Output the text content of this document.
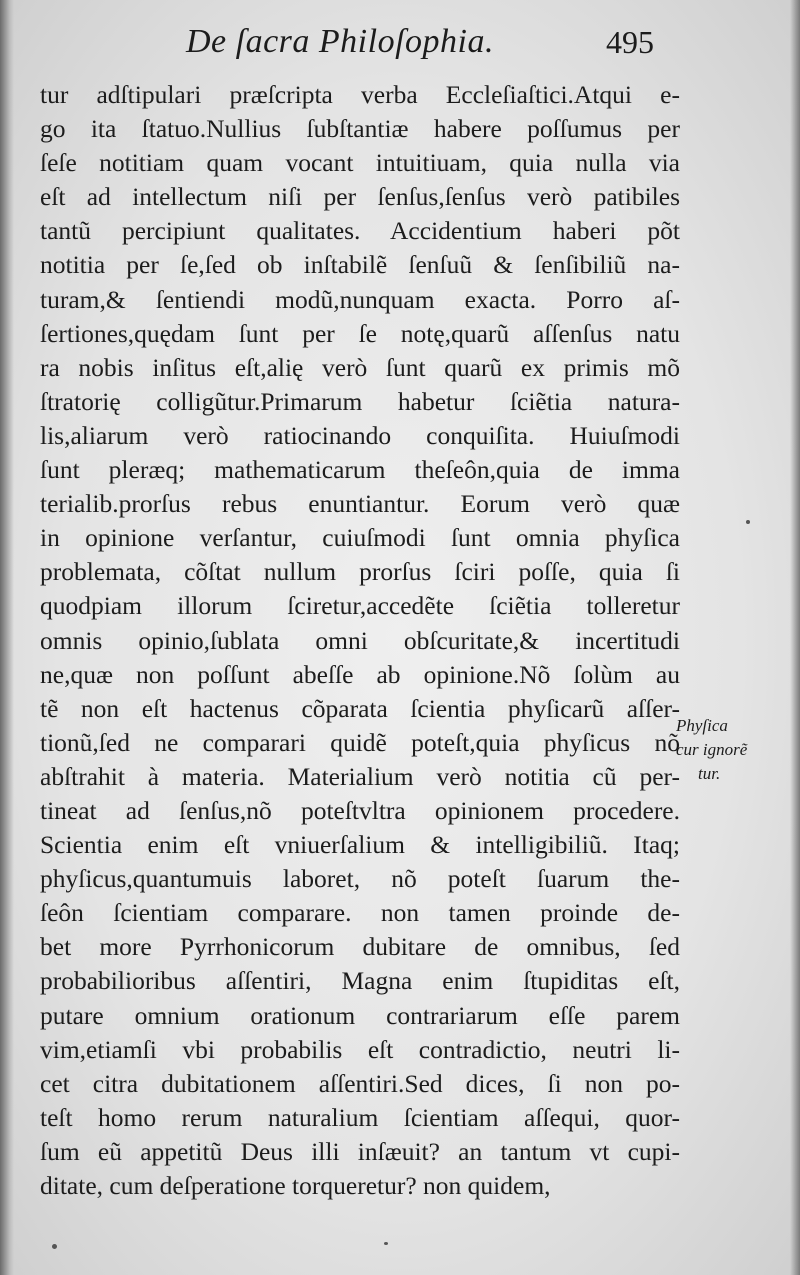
De ſacra Philoſophia.	495
tur adſtipulari præſcripta verba Eccleſiaſtici.Atqui e-
go ita ſtatuo.Nullius ſubſtantiæ habere poſſumus per
ſeſe notitiam quam vocant intuitiuam, quia nulla via
eſt ad intellectum niſi per ſenſus,ſenſus verò patibiles
tantũ percipiunt qualitates. Accidentium haberi põt
notitia per ſe,ſed ob inſtabilẽ ſenſuũ & ſenſibiliũ na-
turam,& ſentiendi modũ,nunquam exacta. Porro aſ-
ſertiones,quędam ſunt per ſe notę,quarũ aſſenſus natu
ra nobis inſitus eſt,alię verò ſunt quarũ ex primis mõ
ſtratorię colligũtur.Primarum habetur ſciẽtia natura-
lis,aliarum verò ratiocinando conquiſita. Huiuſmodi
ſunt pleræq; mathematicarum theſeôn,quia de imma
terialib.prorſus rebus enuntiantur. Eorum verò quæ
in opinione verſantur, cuiuſmodi ſunt omnia phyſica
problemata, cõſtat nullum prorſus ſciri poſſe, quia ſi
quodpiam illorum ſciretur,accedẽte ſciẽtia tolleretur
omnis opinio,ſublata omni obſcuritate,& incertitudi
ne,quæ non poſſunt abeſſe ab opinione.Nõ ſolùm au
tẽ non eſt hactenus cõparata ſcientia phyſicarũ aſſer-
tionũ,ſed ne comparari quidẽ poteſt,quia phyſicus nõ
abſtrahit à materia. Materialium verò notitia cũ per-
tineat ad ſenſus,nõ poteſtvltra opinionem procedere.
Scientia enim eſt vniuerſalium & intelligibiliũ. Itaq;
phyſicus,quantumuis laboret, nõ poteſt ſuarum the-
ſeôn ſcientiam comparare. non tamen proinde de-
bet more Pyrrhonicorum dubitare de omnibus, ſed
probabilioribus aſſentiri, Magna enim ſtupiditas eſt,
putare omnium orationum contrariarum eſſe parem
vim,etiamſi vbi probabilis eſt contradictio, neutri li-
cet citra dubitationem aſſentiri.Sed dices, ſi non po-
teſt homo rerum naturalium ſcientiam aſſequi, quor-
ſum eũ appetitũ Deus illi inſæuit? an tantum vt cupi-
ditate, cum deſperatione torqueretur? non quidem,
Phyſica
cur ignorẽ
tur.
